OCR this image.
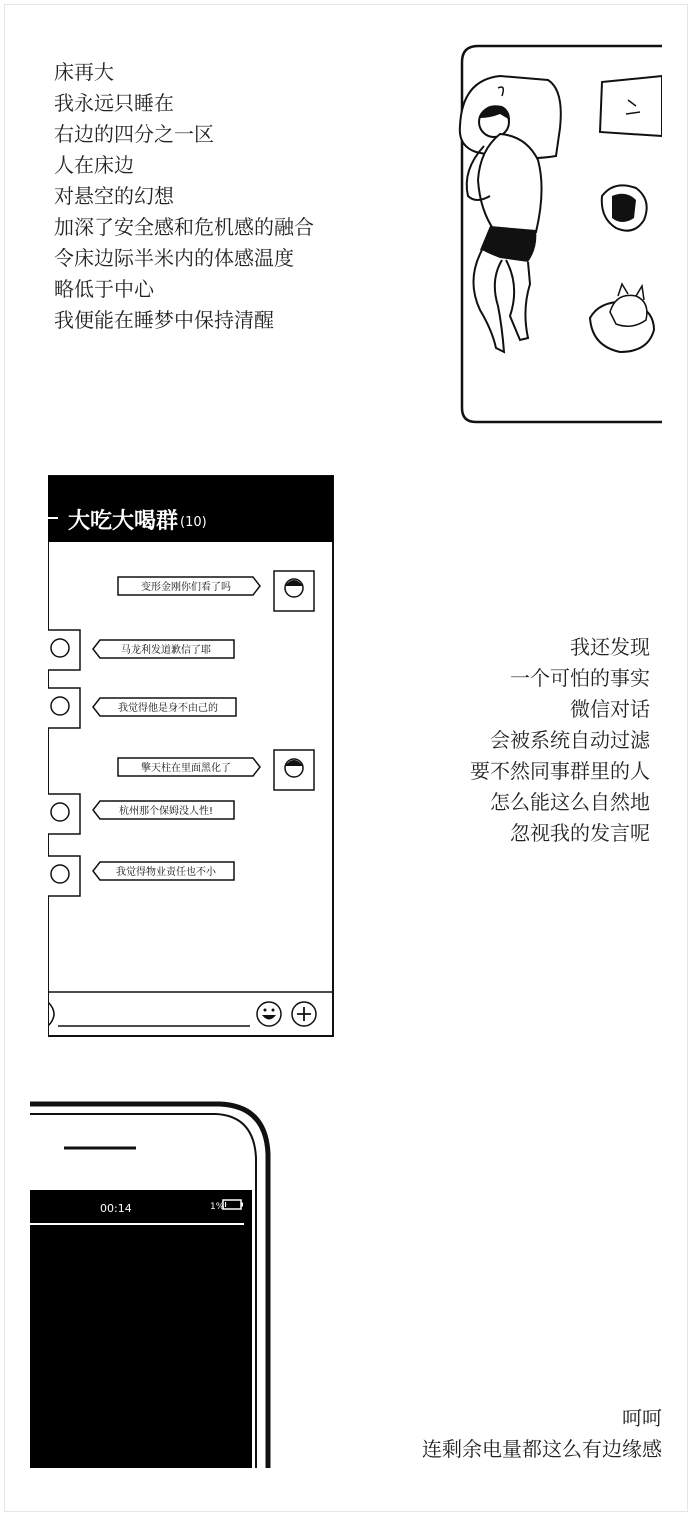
床再大
我永远只睡在
右边的四分之一区
人在床边
对悬空的幻想
加深了安全感和危机感的融合
令床边际半米内的体感温度
略低于中心
我便能在睡梦中保持清醒
大吃大喝群 (10)
变形金刚你们看了吗
马龙利发道歉信了耶
我觉得他是身不由己的
擎天柱在里面黑化了
杭州那个保姆没人性!
我觉得物业责任也不小
我还发现
一个可怕的事实
微信对话
会被系统自动过滤
要不然同事群里的人
怎么能这么自然地
忽视我的发言呢
00:14	1%
呵呵
连剩余电量都这么有边缘感
